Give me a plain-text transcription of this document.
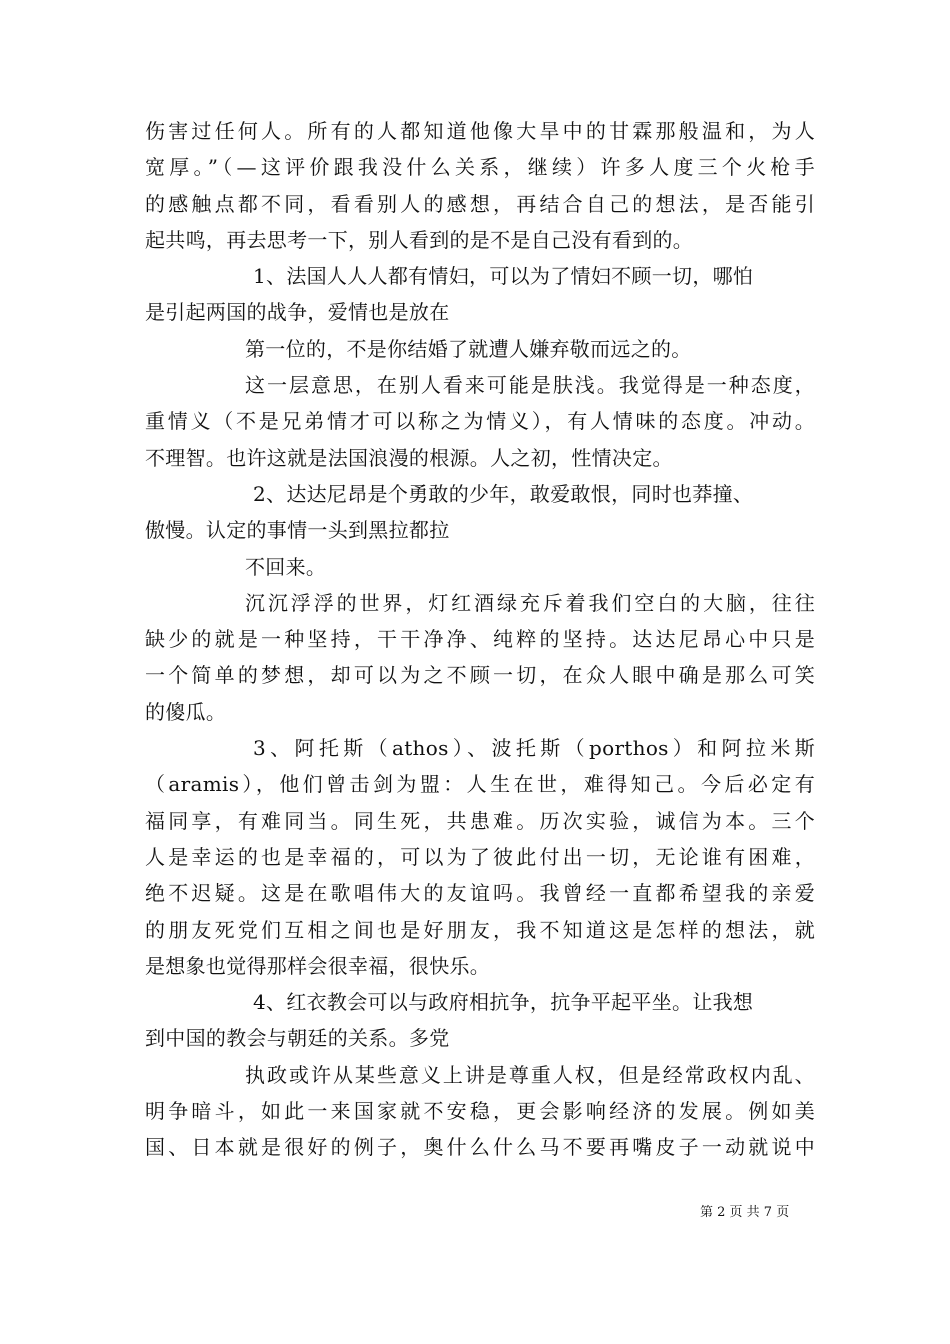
伤害过任何人。所有的人都知道他像大旱中的甘霖那般温和，为人
宽厚。”（—这评价跟我没什么关系，继续）许多人度三个火枪手
的感触点都不同，看看别人的感想，再结合自己的想法，是否能引
起共鸣，再去思考一下，别人看到的是不是自己没有看到的。
1、法国人人人都有情妇，可以为了情妇不顾一切，哪怕
是引起两国的战争，爱情也是放在
第一位的，不是你结婚了就遭人嫌弃敬而远之的。
这一层意思，在别人看来可能是肤浅。我觉得是一种态度，
重情义（不是兄弟情才可以称之为情义），有人情味的态度。冲动。
不理智。也许这就是法国浪漫的根源。人之初，性情决定。
2、达达尼昂是个勇敢的少年，敢爱敢恨，同时也莽撞、
傲慢。认定的事情一头到黑拉都拉
不回来。
沉沉浮浮的世界，灯红酒绿充斥着我们空白的大脑，往往
缺少的就是一种坚持，干干净净、纯粹的坚持。达达尼昂心中只是
一个简单的梦想，却可以为之不顾一切，在众人眼中确是那么可笑
的傻瓜。
3、阿托斯（athos）、波托斯（porthos）和阿拉米斯
（aramis），他们曾击剑为盟：人生在世，难得知己。今后必定有
福同享，有难同当。同生死，共患难。历次实验，诚信为本。三个
人是幸运的也是幸福的，可以为了彼此付出一切，无论谁有困难，
绝不迟疑。这是在歌唱伟大的友谊吗。我曾经一直都希望我的亲爱
的朋友死党们互相之间也是好朋友，我不知道这是怎样的想法，就
是想象也觉得那样会很幸福，很快乐。
4、红衣教会可以与政府相抗争，抗争平起平坐。让我想
到中国的教会与朝廷的关系。多党
执政或许从某些意义上讲是尊重人权，但是经常政权内乱、
明争暗斗，如此一来国家就不安稳，更会影响经济的发展。例如美
国、日本就是很好的例子，奥什么什么马不要再嘴皮子一动就说中
第 2 页 共 7 页
